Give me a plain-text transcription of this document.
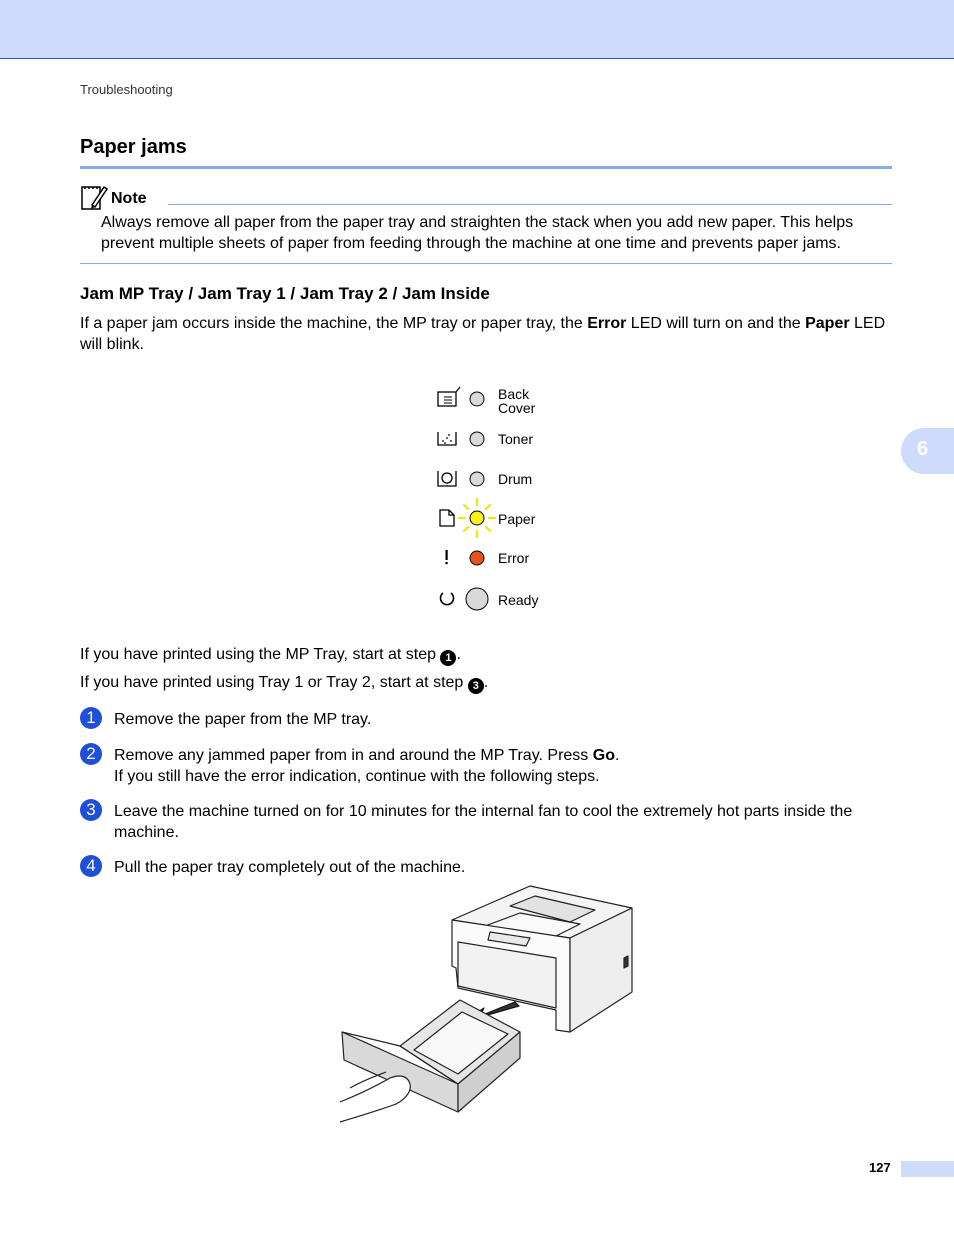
Troubleshooting
Paper jams
Note

Always remove all paper from the paper tray and straighten the stack when you add new paper. This helps prevent multiple sheets of paper from feeding through the machine at one time and prevents paper jams.

Jam MP Tray / Jam Tray 1 / Jam Tray 2 / Jam Inside

If a paper jam occurs inside the machine, the MP tray or paper tray, the Error LED will turn on and the Paper LED will blink.

6
Back
Cover
Toner
Drum
Paper
Error
Ready

If you have printed using the MP Tray, start at step 1 .

If you have printed using Tray 1 or Tray 2, start at step 3 .

1	Remove the paper from the MP tray.

2	Remove any jammed paper from in and around the MP Tray. Press Go.
If you still have the error indication, continue with the following steps.

3	Leave the machine turned on for 10 minutes for the internal fan to cool the extremely hot parts inside the machine.

4	Pull the paper tray completely out of the machine.

127
